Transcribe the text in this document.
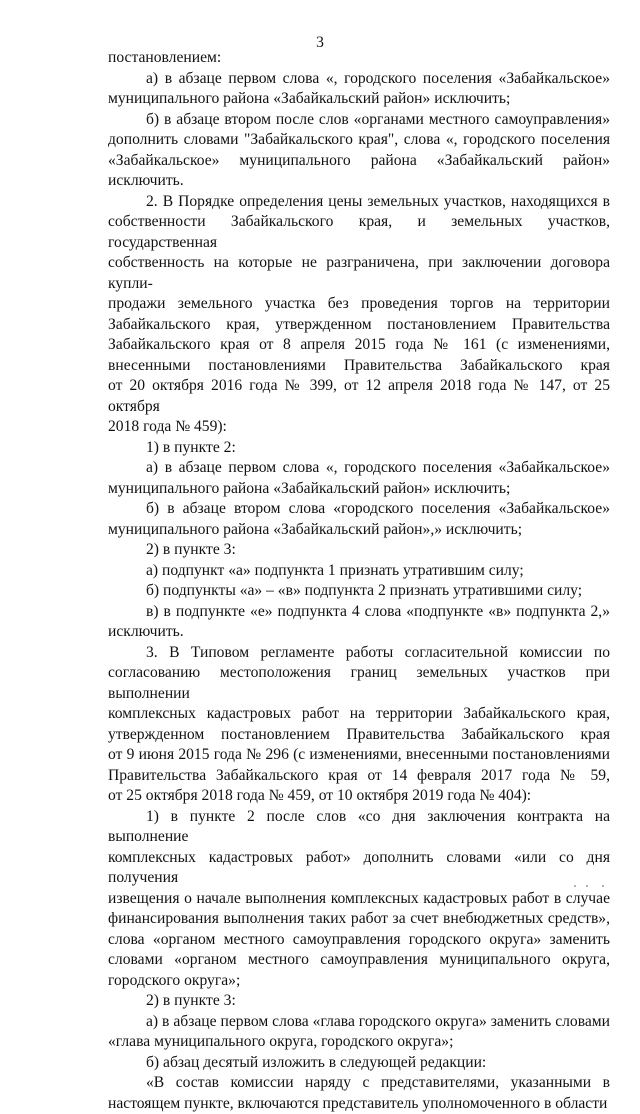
3
постановлением:
а) в абзаце первом слова «, городского поселения «Забайкальское»
муниципального района «Забайкальский район» исключить;
б) в абзаце втором после слов «органами местного самоуправления»
дополнить словами "Забайкальского края", слова «, городского поселения
«Забайкальское» муниципального района «Забайкальский район» исключить.
2. В Порядке определения цены земельных участков, находящихся в
собственности Забайкальского края, и земельных участков, государственная
собственность на которые не разграничена, при заключении договора купли-
продажи земельного участка без проведения торгов на территории
Забайкальского края, утвержденном постановлением Правительства
Забайкальского края от 8 апреля 2015 года № 161 (с изменениями,
внесенными постановлениями Правительства Забайкальского края
от 20 октября 2016 года № 399, от 12 апреля 2018 года № 147, от 25 октября
2018 года № 459):
1) в пункте 2:
а) в абзаце первом слова «, городского поселения «Забайкальское»
муниципального района «Забайкальский район» исключить;
б) в абзаце втором слова «городского поселения «Забайкальское»
муниципального района «Забайкальский район»,» исключить;
2) в пункте 3:
а) подпункт «а» подпункта 1 признать утратившим силу;
б) подпункты «а» – «в» подпункта 2 признать утратившими силу;
в) в подпункте «е» подпункта 4 слова «подпункте «в» подпункта 2,»
исключить.
3. В Типовом регламенте работы согласительной комиссии по
согласованию местоположения границ земельных участков при выполнении
комплексных кадастровых работ на территории Забайкальского края,
утвержденном постановлением Правительства Забайкальского края
от 9 июня 2015 года № 296 (с изменениями, внесенными постановлениями
Правительства Забайкальского края от 14 февраля 2017 года № 59,
от 25 октября 2018 года № 459, от 10 октября 2019 года № 404):
1) в пункте 2 после слов «со дня заключения контракта на выполнение
комплексных кадастровых работ» дополнить словами «или со дня получения
извещения о начале выполнения комплексных кадастровых работ в случае
финансирования выполнения таких работ за счет внебюджетных средств»,
слова «органом местного самоуправления городского округа» заменить
словами «органом местного самоуправления муниципального округа,
городского округа»;
2) в пункте 3:
а) в абзаце первом слова «глава городского округа» заменить словами
«глава муниципального округа, городского округа»;
б) абзац десятый изложить в следующей редакции:
«В состав комиссии наряду с представителями, указанными в
настоящем пункте, включаются представитель уполномоченного в области
